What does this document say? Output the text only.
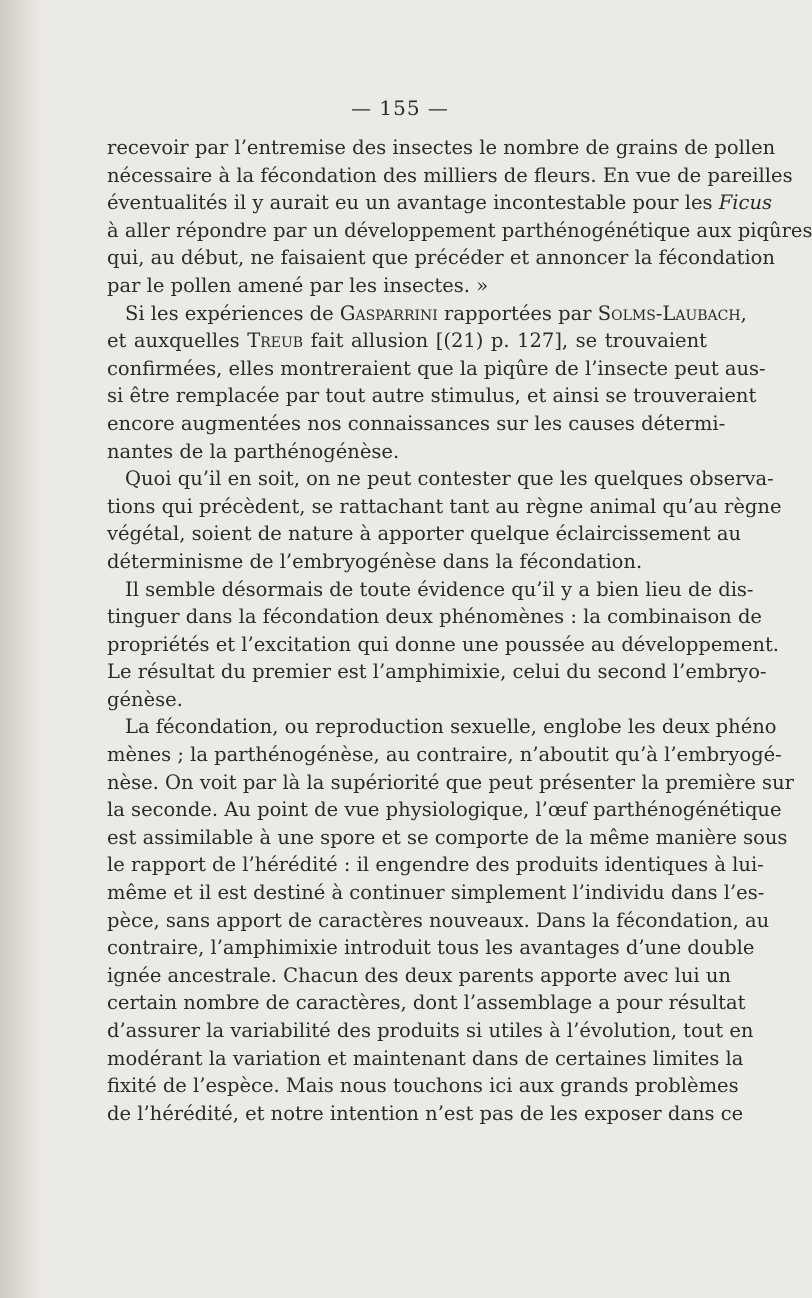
— 155 —
recevoir par l’entremise des insectes le nombre de grains de pollen
nécessaire à la fécondation des milliers de fleurs. En vue de pareilles
éventualités il y aurait eu un avantage incontestable pour les Ficus
à aller répondre par un développement parthénogénétique aux piqûres
qui, au début, ne faisaient que précéder et annoncer la fécondation
par le pollen amené par les insectes. »
Si les expériences de Gasparrini rapportées par Solms-Laubach,
et auxquelles Treub fait allusion [(21) p. 127], se trouvaient
confirmées, elles montreraient que la piqûre de l’insecte peut aus-
si être remplacée par tout autre stimulus, et ainsi se trouveraient
encore augmentées nos connaissances sur les causes détermi-
nantes de la parthénogénèse.
Quoi qu’il en soit, on ne peut contester que les quelques observa-
tions qui précèdent, se rattachant tant au règne animal qu’au règne
végétal, soient de nature à apporter quelque éclaircissement au
déterminisme de l’embryogénèse dans la fécondation.
Il semble désormais de toute évidence qu’il y a bien lieu de dis-
tinguer dans la fécondation deux phénomènes : la combinaison de
propriétés et l’excitation qui donne une poussée au développement.
Le résultat du premier est l’amphimixie, celui du second l’embryo-
génèse.
La fécondation, ou reproduction sexuelle, englobe les deux phéno
mènes ; la parthénogénèse, au contraire, n’aboutit qu’à l’embryogé-
nèse. On voit par là la supériorité que peut présenter la première sur
la seconde. Au point de vue physiologique, l’œuf parthénogénétique
est assimilable à une spore et se comporte de la même manière sous
le rapport de l’hérédité : il engendre des produits identiques à lui-
même et il est destiné à continuer simplement l’individu dans l’es-
pèce, sans apport de caractères nouveaux. Dans la fécondation, au
contraire, l’amphimixie introduit tous les avantages d’une double
ignée ancestrale. Chacun des deux parents apporte avec lui un
certain nombre de caractères, dont l’assemblage a pour résultat
d’assurer la variabilité des produits si utiles à l’évolution, tout en
modérant la variation et maintenant dans de certaines limites la
fixité de l’espèce. Mais nous touchons ici aux grands problèmes
de l’hérédité, et notre intention n’est pas de les exposer dans ce
